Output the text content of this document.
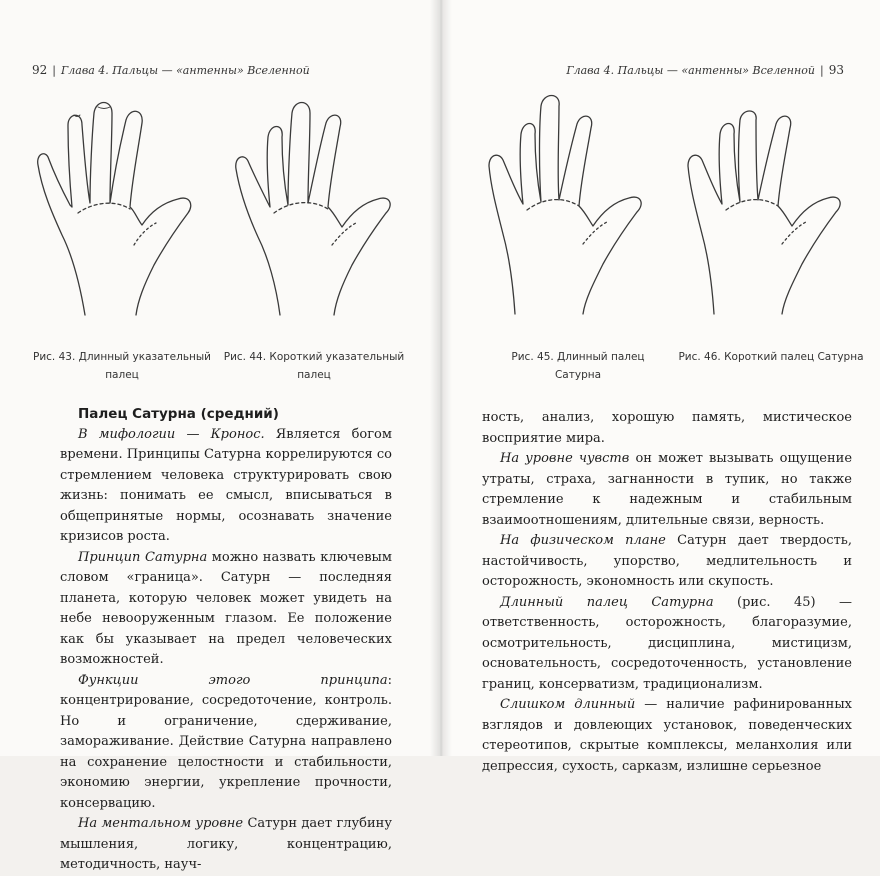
92 | Глава 4. Пальцы — «антенны» Вселенной
Рис. 43. Длинный указательный
палец
Рис. 44. Короткий указательный
палец

Палец Сатурна (средний)

В мифологии — Кронос. Является богом времени. Принципы Сатурна коррелируются со стремлением человека структурировать свою жизнь: понимать ее смысл, вписываться в общепринятые нормы, осознавать значение кризисов роста.

Принцип Сатурна можно назвать ключевым словом «граница». Сатурн — последняя планета, которую человек может увидеть на небе невооруженным глазом. Ее положение как бы указывает на предел человеческих возможностей.

Функции этого принципа: концентрирование, сосредоточение, контроль. Но и ограничение, сдерживание, замораживание. Действие Сатурна направлено на сохранение целостности и стабильности, экономию энергии, укрепление прочности, консервацию.

На ментальном уровне Сатурн дает глубину мышления, логику, концентрацию, методичность, науч-

Глава 4. Пальцы — «антенны» Вселенной | 93
Рис. 45. Длинный палец Сатурна
Рис. 46. Короткий палец Сатурна

ность, анализ, хорошую память, мистическое восприятие мира.

На уровне чувств он может вызывать ощущение утраты, страха, загнанности в тупик, но также стремление к надежным и стабильным взаимоотношениям, длительные связи, верность.

На физическом плане Сатурн дает твердость, настойчивость, упорство, медлительность и осторожность, экономность или скупость.

Длинный палец Сатурна (рис. 45) — ответственность, осторожность, благоразумие, осмотрительность, дисциплина, мистицизм, основательность, сосредоточенность, установление границ, консерватизм, традиционализм.

Слишком длинный — наличие рафинированных взглядов и довлеющих установок, поведенческих стереотипов, скрытые комплексы, меланхолия или депрессия, сухость, сарказм, излишне серьезное
